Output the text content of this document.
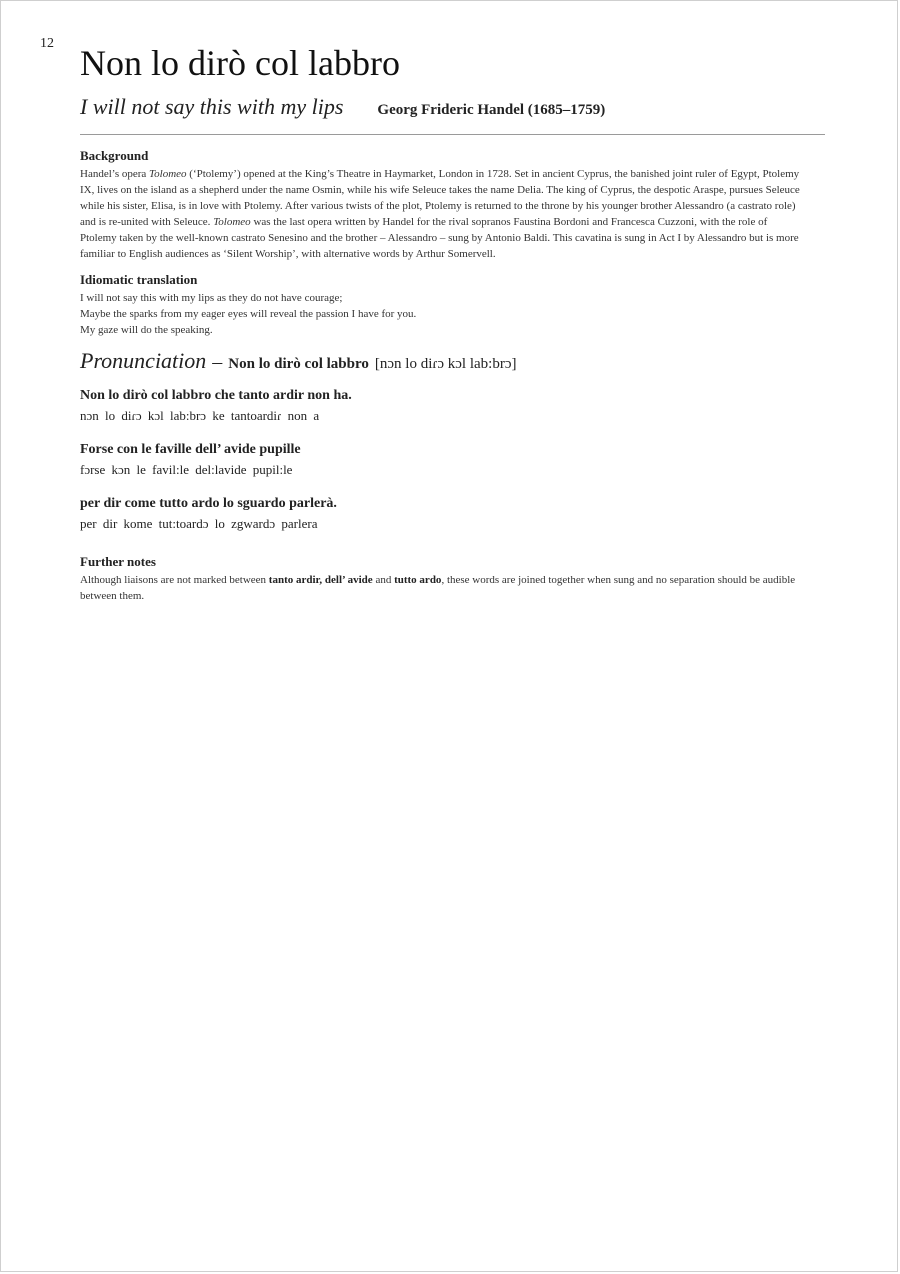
12 Non lo dirò col labbro
I will not say this with my lips Georg Frideric Handel (1685–1759)
Background

Handel’s opera Tolomeo (‘Ptolemy’) opened at the King’s Theatre in Haymarket, London in 1728. Set in ancient Cyprus, the banished joint ruler of Egypt, Ptolemy IX, lives on the island as a shepherd under the name Osmin, while his wife Seleuce takes the name Delia. The king of Cyprus, the despotic Araspe, pursues Seleuce while his sister, Elisa, is in love with Ptolemy. After various twists of the plot, Ptolemy is returned to the throne by his younger brother Alessandro (a castrato role) and is re-united with Seleuce. Tolomeo was the last opera written by Handel for the rival sopranos Faustina Bordoni and Francesca Cuzzoni, with the role of Ptolemy taken by the well-known castrato Senesino and the brother – Alessandro – sung by Antonio Baldi. This cavatina is sung in Act I by Alessandro but is more familiar to English audiences as ‘Silent Worship’, with alternative words by Arthur Somervell.

Idiomatic translation
I will not say this with my lips as they do not have courage;
Maybe the sparks from my eager eyes will reveal the passion I have for you.
My gaze will do the speaking.
Pronunciation – Non lo dirò col labbro [nɔn lo diɾɔ kɔl lab:brɔ]
Non lo dirò col labbro che tanto ardir non ha.
nɔn lo diɾɔ kɔl lab:brɔ ke tantoardiɾ non a
Forse con le faville dell’ avide pupille
fɔrse kɔn le favil:le del:lavide pupil:le
per dir come tutto ardo lo sguardo parlerà.
per dir kome tut:toardɔ lo zgwardɔ parlera
Further notes

Although liaisons are not marked between tanto ardir, dell’ avide and tutto ardo, these words are joined together when sung and no separation should be audible between them.
